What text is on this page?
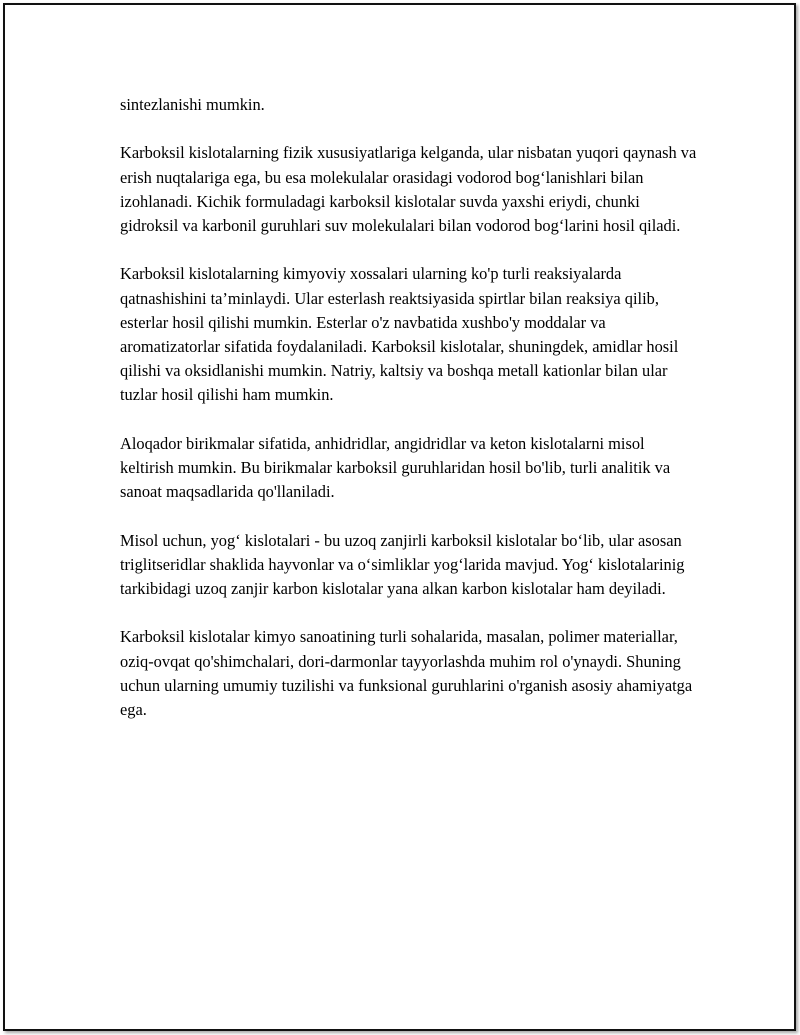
sintezlanishi mumkin.

Karboksil kislotalarning fizik xususiyatlariga kelganda, ular nisbatan yuqori qaynash va erish nuqtalariga ega, bu esa molekulalar orasidagi vodorod bog‘lanishlari bilan izohlanadi. Kichik formuladagi karboksil kislotalar suvda yaxshi eriydi, chunki gidroksil va karbonil guruhlari suv molekulalari bilan vodorod bog‘larini hosil qiladi.

Karboksil kislotalarning kimyoviy xossalari ularning ko'p turli reaksiyalarda qatnashishini ta’minlaydi. Ular esterlash reaktsiyasida spirtlar bilan reaksiya qilib, esterlar hosil qilishi mumkin. Esterlar o'z navbatida xushbo'y moddalar va aromatizatorlar sifatida foydalaniladi. Karboksil kislotalar, shuningdek, amidlar hosil qilishi va oksidlanishi mumkin. Natriy, kaltsiy va boshqa metall kationlar bilan ular tuzlar hosil qilishi ham mumkin.

Aloqador birikmalar sifatida, anhidridlar, angidridlar va keton kislotalarni misol keltirish mumkin. Bu birikmalar karboksil guruhlaridan hosil bo'lib, turli analitik va sanoat maqsadlarida qo'llaniladi.

Misol uchun, yog‘ kislotalari - bu uzoq zanjirli karboksil kislotalar bo‘lib, ular asosan triglitseridlar shaklida hayvonlar va o‘simliklar yog‘larida mavjud. Yog‘ kislotalarinig tarkibidagi uzoq zanjir karbon kislotalar yana alkan karbon kislotalar ham deyiladi.

Karboksil kislotalar kimyo sanoatining turli sohalarida, masalan, polimer materiallar, oziq-ovqat qo'shimchalari, dori-darmonlar tayyorlashda muhim rol o'ynaydi. Shuning uchun ularning umumiy tuzilishi va funksional guruhlarini o'rganish asosiy ahamiyatga ega.
